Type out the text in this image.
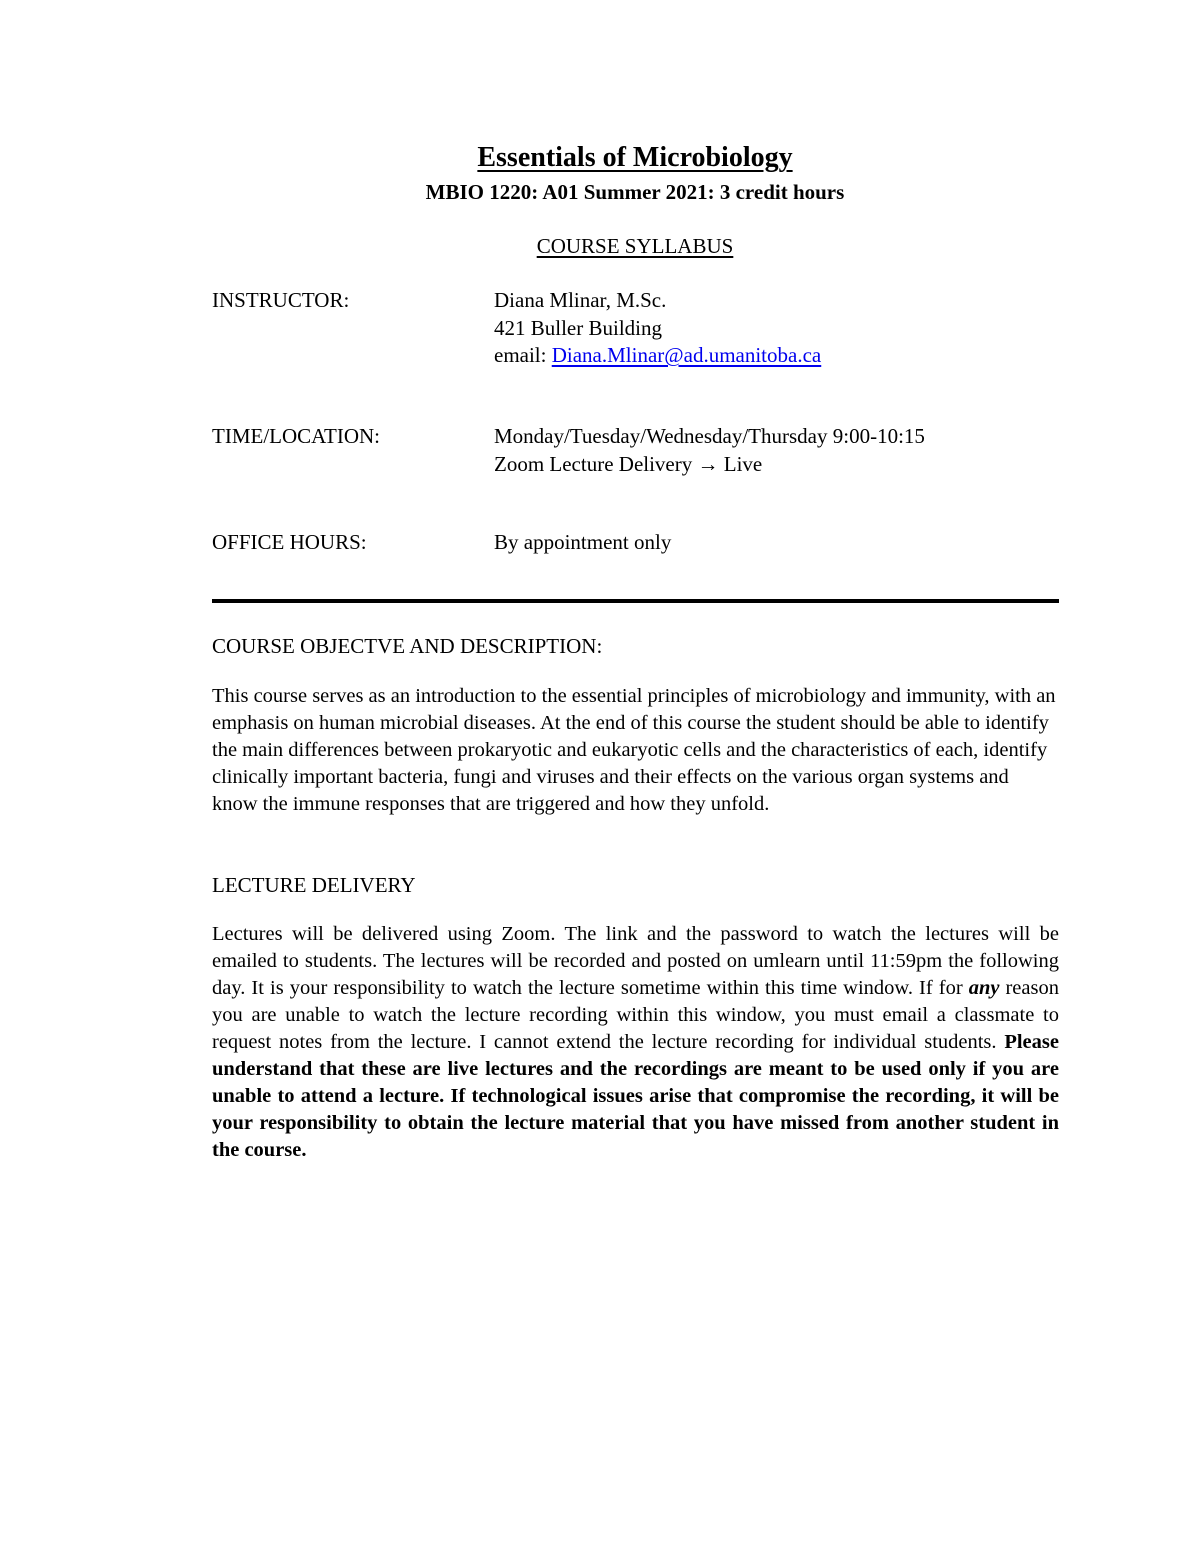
Essentials of Microbiology
MBIO 1220: A01 Summer 2021: 3 credit hours
COURSE SYLLABUS
INSTRUCTOR:	Diana Mlinar, M.Sc.
421 Buller Building
email: Diana.Mlinar@ad.umanitoba.ca
TIME/LOCATION:	Monday/Tuesday/Wednesday/Thursday 9:00-10:15
Zoom Lecture Delivery → Live
OFFICE HOURS:	By appointment only
COURSE OBJECTVE AND DESCRIPTION:

This course serves as an introduction to the essential principles of microbiology and immunity, with an emphasis on human microbial diseases. At the end of this course the student should be able to identify the main differences between prokaryotic and eukaryotic cells and the characteristics of each, identify clinically important bacteria, fungi and viruses and their effects on the various organ systems and know the immune responses that are triggered and how they unfold.

LECTURE DELIVERY

Lectures will be delivered using Zoom. The link and the password to watch the lectures will be emailed to students. The lectures will be recorded and posted on umlearn until 11:59pm the following day. It is your responsibility to watch the lecture sometime within this time window. If for any reason you are unable to watch the lecture recording within this window, you must email a classmate to request notes from the lecture. I cannot extend the lecture recording for individual students. Please understand that these are live lectures and the recordings are meant to be used only if you are unable to attend a lecture. If technological issues arise that compromise the recording, it will be your responsibility to obtain the lecture material that you have missed from another student in the course.
